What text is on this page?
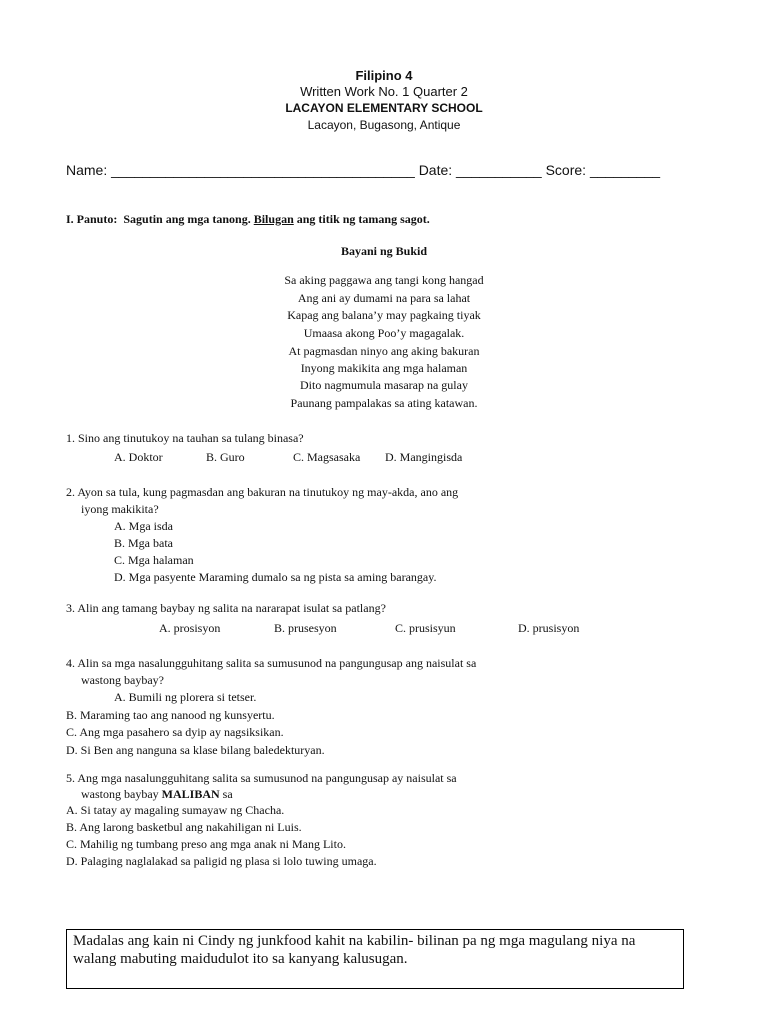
Filipino 4
Written Work No. 1 Quarter 2
LACAYON ELEMENTARY SCHOOL
Lacayon, Bugasong, Antique
Name: _______________________________________ Date: ___________ Score: _________
I. Panuto: Sagutin ang mga tanong. Bilugan ang titik ng tamang sagot.
Bayani ng Bukid
Sa aking paggawa ang tangi kong hangad
Ang ani ay dumami na para sa lahat
Kapag ang balana’y may pagkaing tiyak
Umaasa akong Poo’y magagalak.
At pagmasdan ninyo ang aking bakuran
Inyong makikita ang mga halaman
Dito nagmumula masarap na gulay
Paunang pampalakas sa ating katawan.
1. Sino ang tinutukoy na tauhan sa tulang binasa?
A. Doktor	B. Guro	C. Magsasaka D. Mangingisda
2. Ayon sa tula, kung pagmasdan ang bakuran na tinutukoy ng may-akda, ano ang
iyong makikita?
A. Mga isda
B. Mga bata
C. Mga halaman
D. Mga pasyente Maraming dumalo sa ng pista sa aming barangay.
3. Alin ang tamang baybay ng salita na nararapat isulat sa patlang?
A. prosisyon	B. prusesyon	C. prusisyun	D. prusisyon
4. Alin sa mga nasalungguhitang salita sa sumusunod na pangungusap ang naisulat sa
wastong baybay?
A. Bumili ng plorera si tetser.
B. Maraming tao ang nanood ng kunsyertu.
C. Ang mga pasahero sa dyip ay nagsiksikan.
D. Si Ben ang nanguna sa klase bilang baledekturyan.
5. Ang mga nasalungguhitang salita sa sumusunod na pangungusap ay naisulat sa
wastong baybay MALIBAN sa
A. Si tatay ay magaling sumayaw ng Chacha.
B. Ang larong basketbul ang nakahiligan ni Luis.
C. Mahilig ng tumbang preso ang mga anak ni Mang Lito.
D. Palaging naglalakad sa paligid ng plasa si lolo tuwing umaga.
Madalas ang kain ni Cindy ng junkfood kahit na kabilin- bilinan pa ng mga magulang niya na walang mabuting maidudulot ito sa kanyang kalusugan.
